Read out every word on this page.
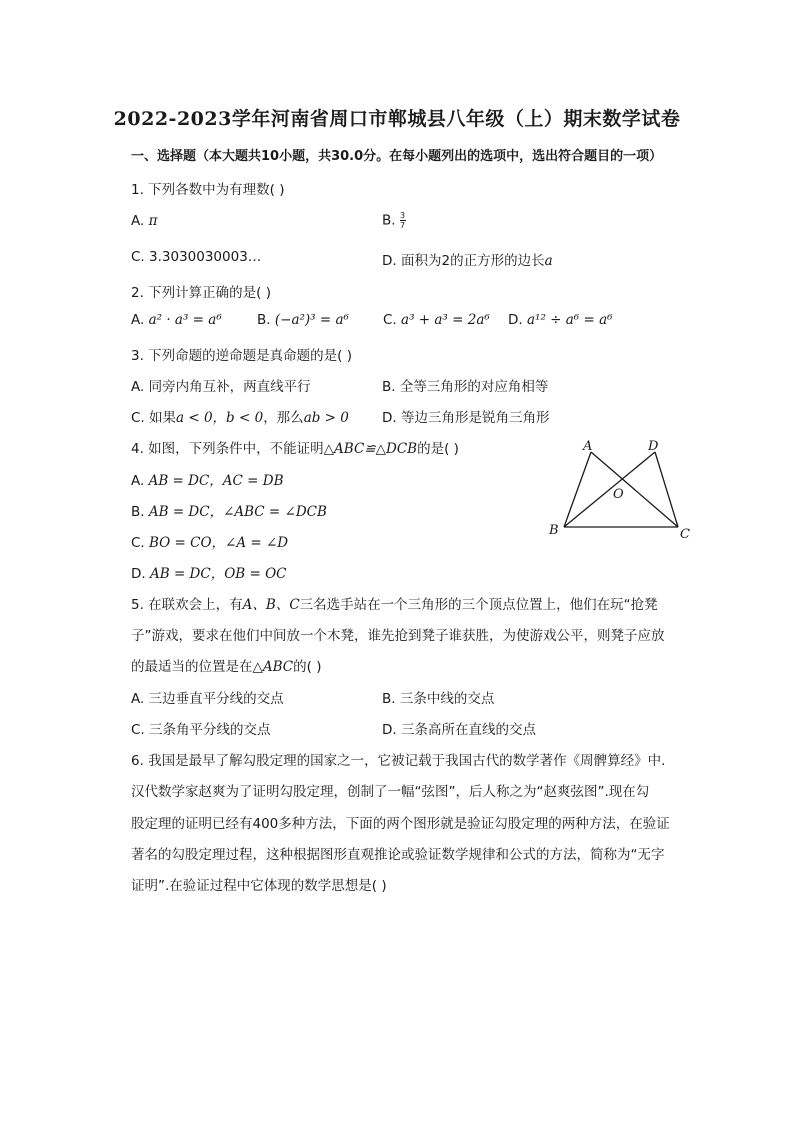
2022-2023学年河南省周口市郸城县八年级（上）期末数学试卷
一、选择题（本大题共10小题，共30.0分。在每小题列出的选项中，选出符合题目的一项）
1. 下列各数中为有理数( )
A. π	B. $\frac{3}{7}$
C. 3.3030030003…	D. 面积为2的正方形的边长a
2. 下列计算正确的是( )
A. a² · a³ = a⁶	B. (−a²)³ = a⁶	C. a³ + a³ = 2a⁶ D. a¹² ÷ a⁶ = a⁶
3. 下列命题的逆命题是真命题的是( )
A. 同旁内角互补，两直线平行	B. 全等三角形的对应角相等
C. 如果a < 0，b < 0，那么ab > 0 D. 等边三角形是锐角三角形
4. 如图，下列条件中，不能证明△ABC≌△DCB的是( )
A. AB = DC，AC = DB
B. AB = DC，∠ABC = ∠DCB
C. BO = CO，∠A = ∠D
D. AB = DC，OB = OC
A	D
O
B	C
5. 在联欢会上，有A、B、C三名选手站在一个三角形的三个顶点位置上，他们在玩“抢凳
子”游戏，要求在他们中间放一个木凳，谁先抢到凳子谁获胜，为使游戏公平，则凳子应放
的最适当的位置是在△ABC的( )
A. 三边垂直平分线的交点	B. 三条中线的交点
C. 三条角平分线的交点	D. 三条高所在直线的交点
6. 我国是最早了解勾股定理的国家之一，它被记载于我国古代的数学著作《周髀算经》中.
汉代数学家赵爽为了证明勾股定理，创制了一幅“弦图”，后人称之为“赵爽弦图”.现在勾
股定理的证明已经有400多种方法，下面的两个图形就是验证勾股定理的两种方法，在验证
著名的勾股定理过程，这种根据图形直观推论或验证数学规律和公式的方法，简称为“无字
证明”.在验证过程中它体现的数学思想是( )
